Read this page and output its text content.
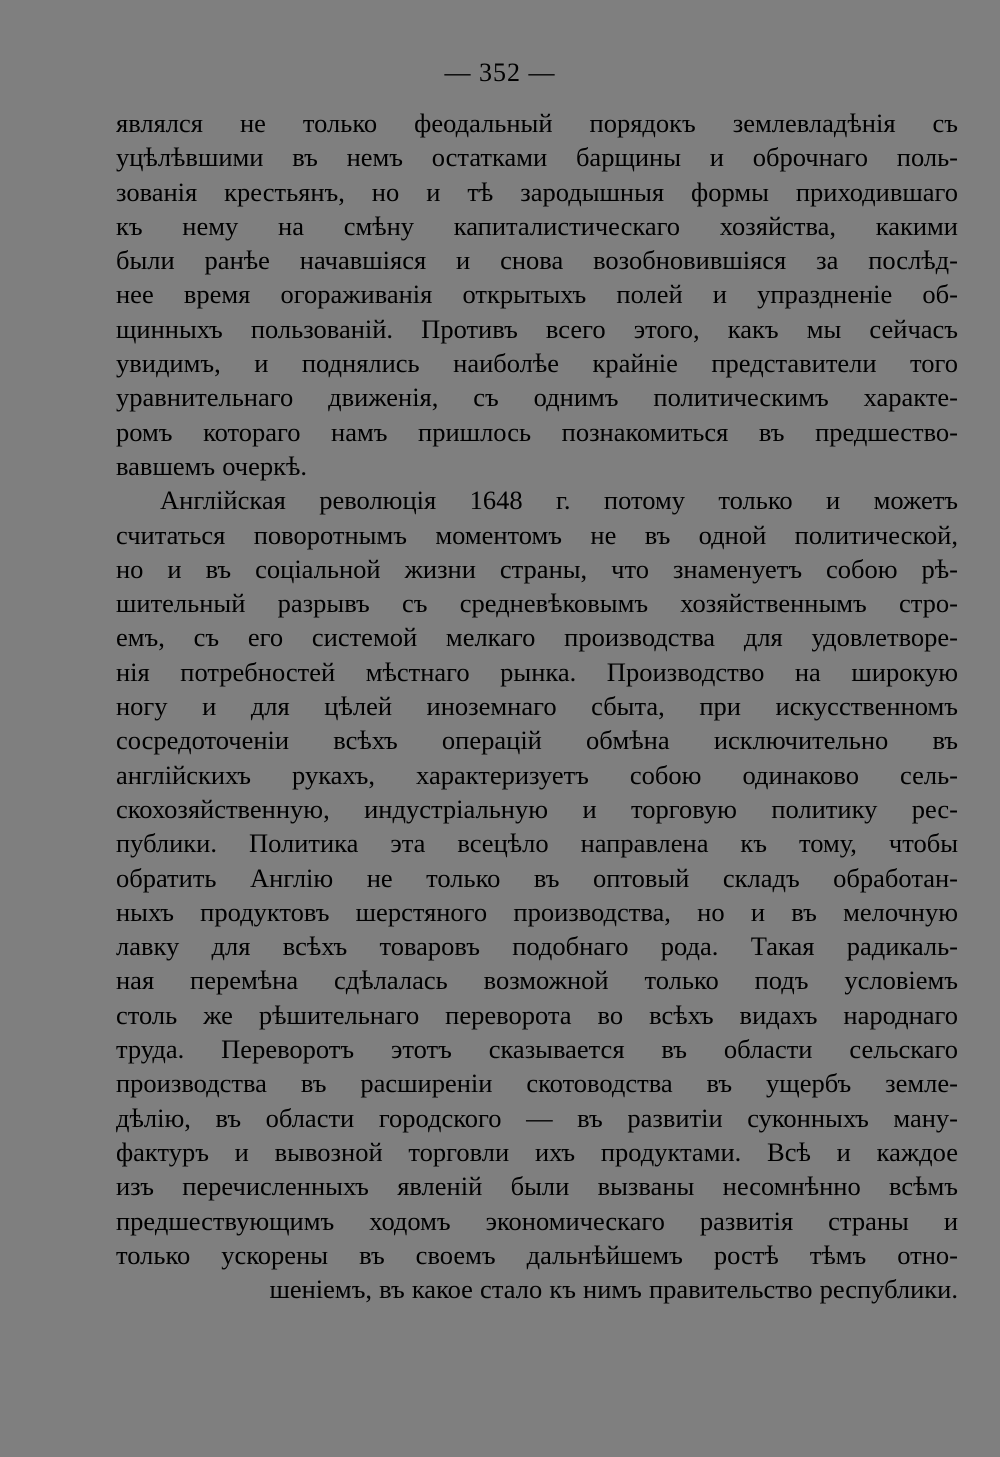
— 352 —
являлся не только феодальный порядокъ землевладѣнія съ
уцѣлѣвшими въ немъ остатками барщины и оброчнаго поль-
зованія крестьянъ, но и тѣ зародышныя формы приходившаго
къ нему на смѣну капиталистическаго хозяйства, какими
были ранѣе начавшіяся и снова возобновившіяся за послѣд-
нее время огораживанія открытыхъ полей и упраздненіе об-
щинныхъ пользованій. Противъ всего этого, какъ мы сейчасъ
увидимъ, и поднялись наиболѣе крайніе представители того
уравнительнаго движенія, съ однимъ политическимъ характе-
ромъ котораго намъ пришлось познакомиться въ предшество-
вавшемъ очеркѣ.
Англійская революція 1648 г. потому только и можетъ
считаться поворотнымъ моментомъ не въ одной политической,
но и въ соціальной жизни страны, что знаменуетъ собою рѣ-
шительный разрывъ съ средневѣковымъ хозяйственнымъ стро-
емъ, съ его системой мелкаго производства для удовлетворе-
нія потребностей мѣстнаго рынка. Производство на широкую
ногу и для цѣлей иноземнаго сбыта, при искусственномъ
сосредоточеніи всѣхъ операцій обмѣна исключительно въ
англійскихъ рукахъ, характеризуетъ собою одинаково сель-
скохозяйственную, индустріальную и торговую политику рес-
публики. Политика эта всецѣло направлена къ тому, чтобы
обратить Англію не только въ оптовый складъ обработан-
ныхъ продуктовъ шерстяного производства, но и въ мелочную
лавку для всѣхъ товаровъ подобнаго рода. Такая радикаль-
ная перемѣна сдѣлалась возможной только подъ условіемъ
столь же рѣшительнаго переворота во всѣхъ видахъ народнаго
труда. Переворотъ этотъ сказывается въ области сельскаго
производства въ расширеніи скотоводства въ ущербъ земле-
дѣлію, въ области городского — въ развитіи суконныхъ ману-
фактуръ и вывозной торговли ихъ продуктами. Всѣ и каждое
изъ перечисленныхъ явленій были вызваны несомнѣнно всѣмъ
предшествующимъ ходомъ экономическаго развитія страны и
только ускорены въ своемъ дальнѣйшемъ ростѣ тѣмъ отно-
шеніемъ, въ какое стало къ нимъ правительство республики.
